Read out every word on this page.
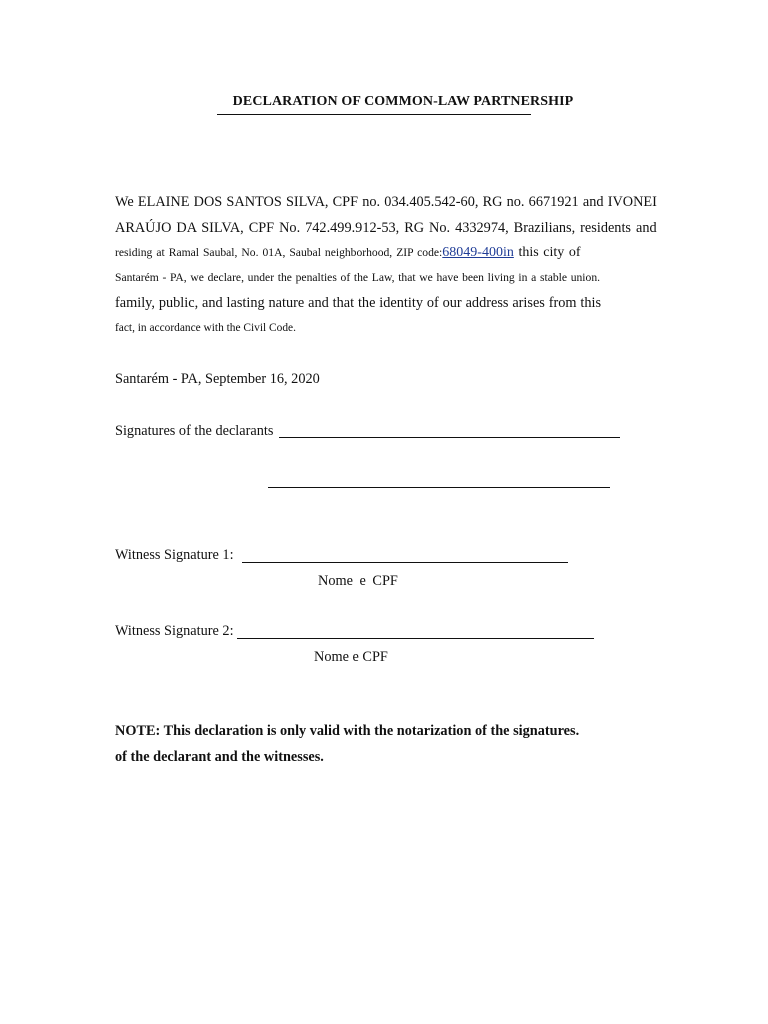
DECLARATION OF COMMON-LAW PARTNERSHIP
We ELAINE DOS SANTOS SILVA, CPF no. 034.405.542-60, RG no. 6671921 and IVONEI
ARAÚJO DA SILVA, CPF No. 742.499.912-53, RG No. 4332974, Brazilians, residents and
residing at Ramal Saubal, No. 01A, Saubal neighborhood, ZIP code:68049-400in this city of
Santarém - PA, we declare, under the penalties of the Law, that we have been living in a stable union.
family, public, and lasting nature and that the identity of our address arises from this
fact, in accordance with the Civil Code.
Santarém - PA, September 16, 2020
Signatures of the declarants
Witness Signature 1:
Nome e CPF
Witness Signature 2:
Nome e CPF
NOTE: This declaration is only valid with the notarization of the signatures.
of the declarant and the witnesses.
